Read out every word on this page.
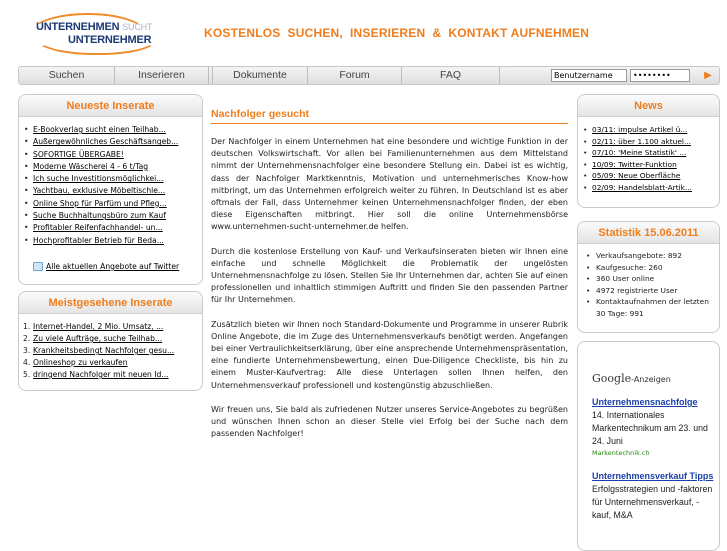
UNTERNEHMEN SUCHT
UNTERNEHMER	KOSTENLOS  SUCHEN,  INSERIEREN  &  KONTAKT AUFNEHMEN
Suchen	Inserieren	Dokumente	Forum	FAQ
Benutzername
••••••••	▶
Neueste Inserate
• E-Bookverlag sucht einen Teilhab...
• Außergewöhnliches Geschäftsangeb...
• SOFORTIGE ÜBERGABE!
• Moderne Wäscherei 4 - 6 t/Tag
• Ich suche Investitionsmöglichkei...
• Yachtbau, exklusive Möbeltischle...
• Online Shop für Parfüm und Pfleg...
• Suche Buchhaltungsbüro zum Kauf
• Profitabler Reifenfachhandel- un...
• Hochprofitabler Betrieb für Beda...
Alle aktuellen Angebote auf Twitter
Meistgesehene Inserate
1. Internet-Handel, 2 Mio. Umsatz, ...
2. Zu viele Aufträge, suche Teilhab...
3. Krankheitsbedingt Nachfolger gesu...
4. Onlineshop zu verkaufen
5. dringend Nachfolger mit neuen Id...
Nachfolger gesucht

Der Nachfolger in einem Unternehmen hat eine besondere und wichtige Funktion in der deutschen Volkswirtschaft. Vor allen bei Familienunternehmen aus dem Mittelstand nimmt der Unternehmensnachfolger eine besondere Stellung ein. Dabei ist es wichtig, dass der Nachfolger Marktkenntnis, Motivation und unternehmerisches Know-how mitbringt, um das Unternehmen erfolgreich weiter zu führen. In Deutschland ist es aber oftmals der Fall, dass Unternehmer keinen Unternehmensnachfolger finden, der eben diese Eigenschaften mitbringt. Hier soll die online Unternehmensbörse www.unternehmen-sucht-unternehmer.de helfen.

Durch die kostenlose Erstellung von Kauf- und Verkaufsinseraten bieten wir Ihnen eine einfache und schnelle Möglichkeit die Problematik der ungelösten Unternehmensnachfolge zu lösen. Stellen Sie Ihr Unternehmen dar, achten Sie auf einen professionellen und inhaltlich stimmigen Auftritt und finden Sie den passenden Partner für Ihr Unternehmen.

Zusätzlich bieten wir Ihnen noch Standard-Dokumente und Programme in unserer Rubrik Online Angebote, die im Zuge des Unternehmensverkaufs benötigt werden. Angefangen bei einer Vertraulichkeitserklärung, über eine ansprechende Unternehmenspräsentation, eine fundierte Unternehmensbewertung, einen Due-Diligence Checkliste, bis hin zu einem Muster-Kaufvertrag: Alle diese Unterlagen sollen Ihnen helfen, den Unternehmensverkauf professionell und kostengünstig abzuschließen.

Wir freuen uns, Sie bald als zufriedenen Nutzer unseres Service-Angebotes zu begrüßen und wünschen Ihnen schon an dieser Stelle viel Erfolg bei der Suche nach dem passenden Nachfolger!

News
• 03/11: impulse Artikel ü...
• 02/11: über 1.100 aktuel...
• 07/10: 'Meine Statistik' ...
• 10/09: Twitter-Funktion
• 05/09: Neue Oberfläche
• 02/09: Handelsblatt-Artik...
Statistik 15.06.2011
• Verkaufsangebote: 892
• Kaufgesuche: 260
• 360 User online
• 4972 registrierte User
• Kontaktaufnahmen der letzten 30 Tage: 991
Google-Anzeigen
Unternehmensnachfolge
14. Internationales Markentechnikum am 23. und 24. Juni
Markentechnik.ch
Unternehmensverkauf Tipps
Erfolgsstrategien und -faktoren für Unternehmensverkauf, -kauf, M&A
